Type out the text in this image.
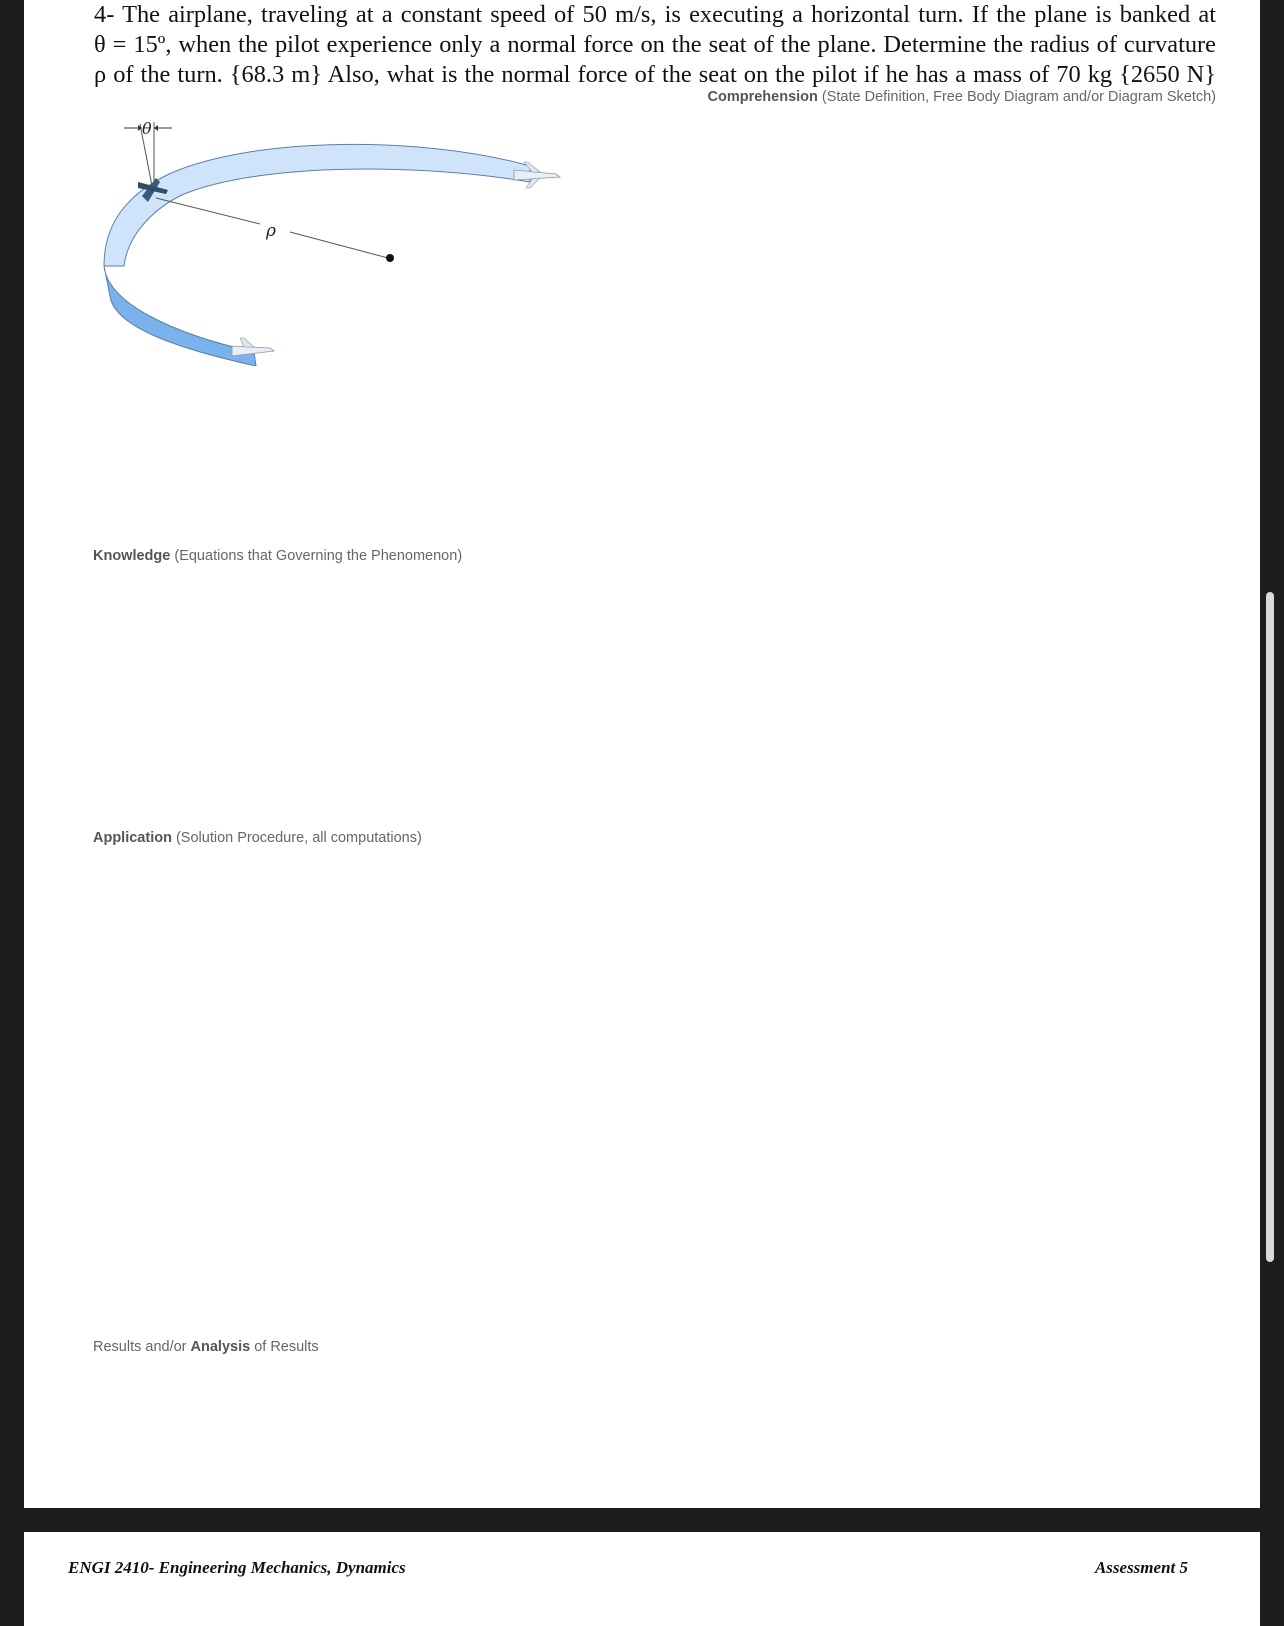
4- The airplane, traveling at a constant speed of 50 m/s, is executing a horizontal turn. If the plane is banked at
θ = 15º, when the pilot experience only a normal force on the seat of the plane. Determine the radius of curvature
ρ of the turn. {68.3 m} Also, what is the normal force of the seat on the pilot if he has a mass of 70 kg {2650 N}
Comprehension (State Definition, Free Body Diagram and/or Diagram Sketch)
θ
ρ
Knowledge (Equations that Governing the Phenomenon)
Application (Solution Procedure, all computations)
Results and/or Analysis of Results
ENGI 2410- Engineering Mechanics, Dynamics	Assessment 5
